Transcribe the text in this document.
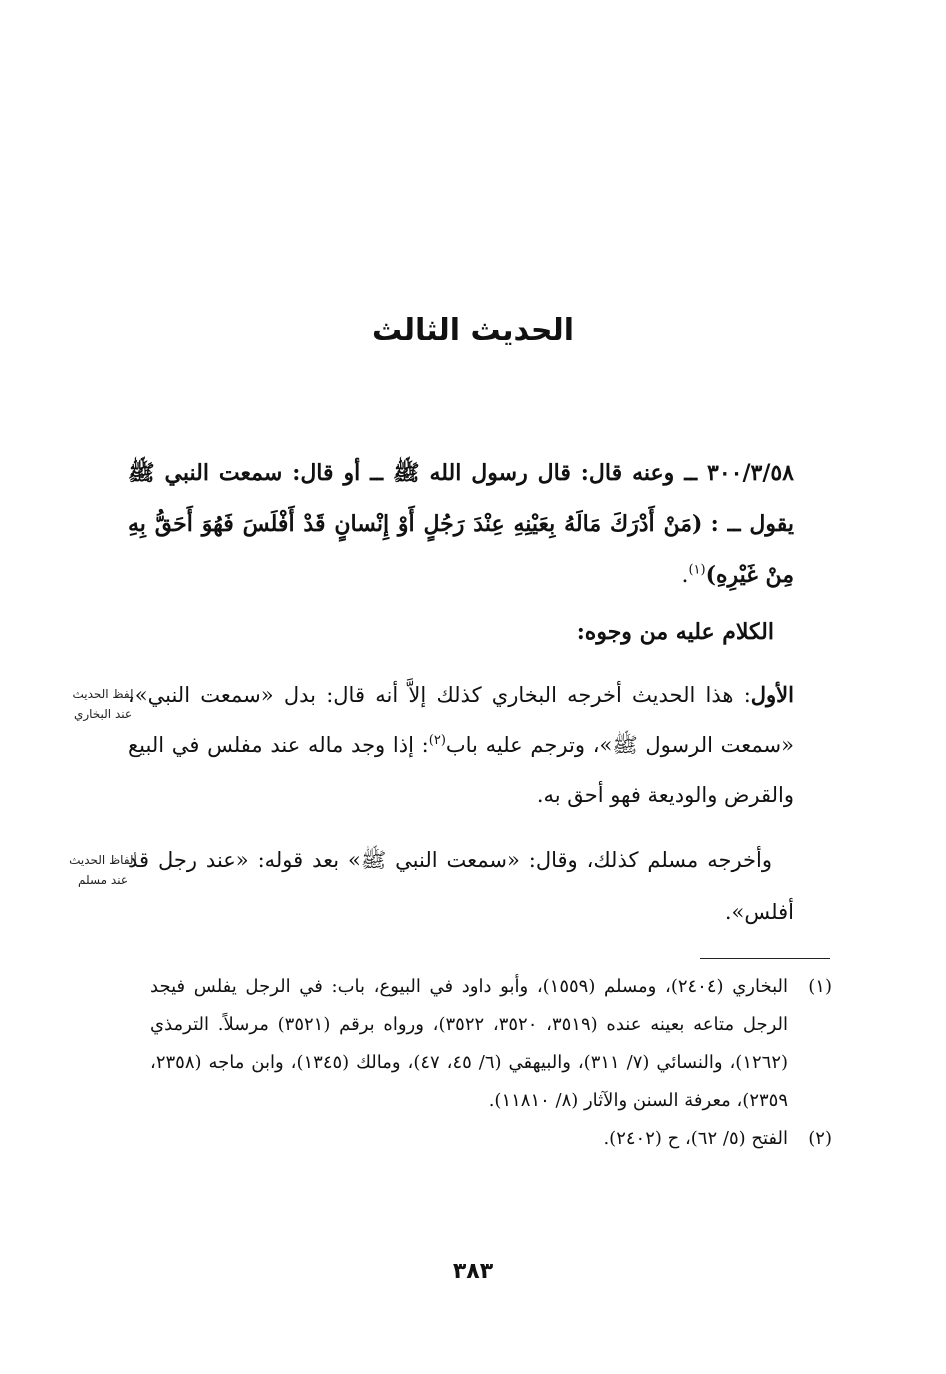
الحديث الثالث
٣٠٠/٣/٥٨ ــ وعنه قال: قال رسول الله ﷺ ــ أو قال: سمعت النبي ﷺ يقول ــ : (مَنْ أَدْرَكَ مَالَهُ بِعَيْنِهِ عِنْدَ رَجُلٍ أَوْ إِنْسانٍ قَدْ أَفْلَسَ فَهُوَ أَحَقُّ بِهِ مِنْ غَيْرِهِ)$^{(١)}$.
الكلام عليه من وجوه:
الأول: هذا الحديث أخرجه البخاري كذلك إلاَّ أنه قال: بدل «سمعت النبي»، «سمعت الرسول ﷺ»، وترجم عليه باب$^{(٢)}$: إذا وجد ماله عند مفلس في البيع والقرض والوديعة فهو أحق به.
لفظ الحديث
عند البخاري
وأخرجه مسلم كذلك، وقال: «سمعت النبي ﷺ» بعد قوله: «عند رجل قد أفلس».
ألفاظ الحديث
عند مسلم
(١)
البخاري (٢٤٠٤)، ومسلم (١٥٥٩)، وأبو داود في البيوع، باب: في الرجل يفلس فيجد الرجل متاعه بعينه عنده (٣٥١٩، ٣٥٢٠، ٣٥٢٢)، ورواه برقم (٣٥٢١) مرسلاً. الترمذي (١٢٦٢)، والنسائي (٧/ ٣١١)، والبيهقي (٦/ ٤٥، ٤٧)، ومالك (١٣٤٥)، وابن ماجه (٢٣٥٨، ٢٣٥٩)، معرفة السنن والآثار (٨/ ١١٨١٠).
(٢)
الفتح (٥/ ٦٢)، ح (٢٤٠٢).
٣٨٣
